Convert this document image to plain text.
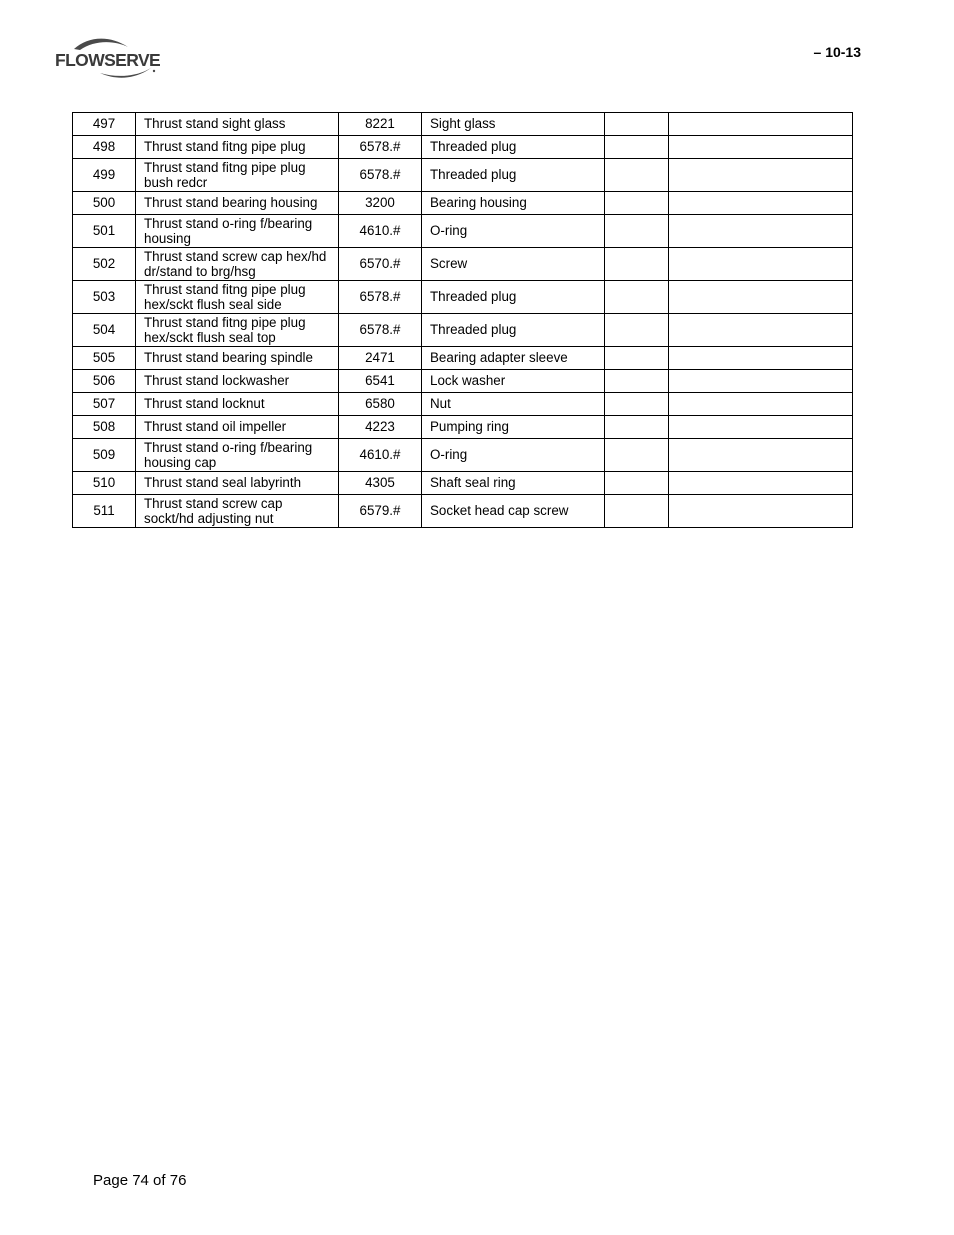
FLOWSERVE	– 10-13
497	Thrust stand sight glass	8221	Sight glass		
498	Thrust stand fitng pipe plug	6578.#	Threaded plug		
499	Thrust stand fitng pipe plug bush redcr	6578.#	Threaded plug		
500	Thrust stand bearing housing	3200	Bearing housing		
501	Thrust stand o-ring f/bearing housing	4610.#	O-ring		
502	Thrust stand screw cap hex/hd dr/stand to brg/hsg	6570.#	Screw		
503	Thrust stand fitng pipe plug hex/sckt flush seal side	6578.#	Threaded plug		
504	Thrust stand fitng pipe plug hex/sckt flush seal top	6578.#	Threaded plug		
505	Thrust stand bearing spindle	2471	Bearing adapter sleeve		
506	Thrust stand lockwasher	6541	Lock washer		
507	Thrust stand locknut	6580	Nut		
508	Thrust stand oil impeller	4223	Pumping ring		
509	Thrust stand o-ring f/bearing housing cap	4610.#	O-ring		
510	Thrust stand seal labyrinth	4305	Shaft seal ring		
511	Thrust stand screw cap sockt/hd adjusting nut	6579.#	Socket head cap screw		
Page 74 of 76
